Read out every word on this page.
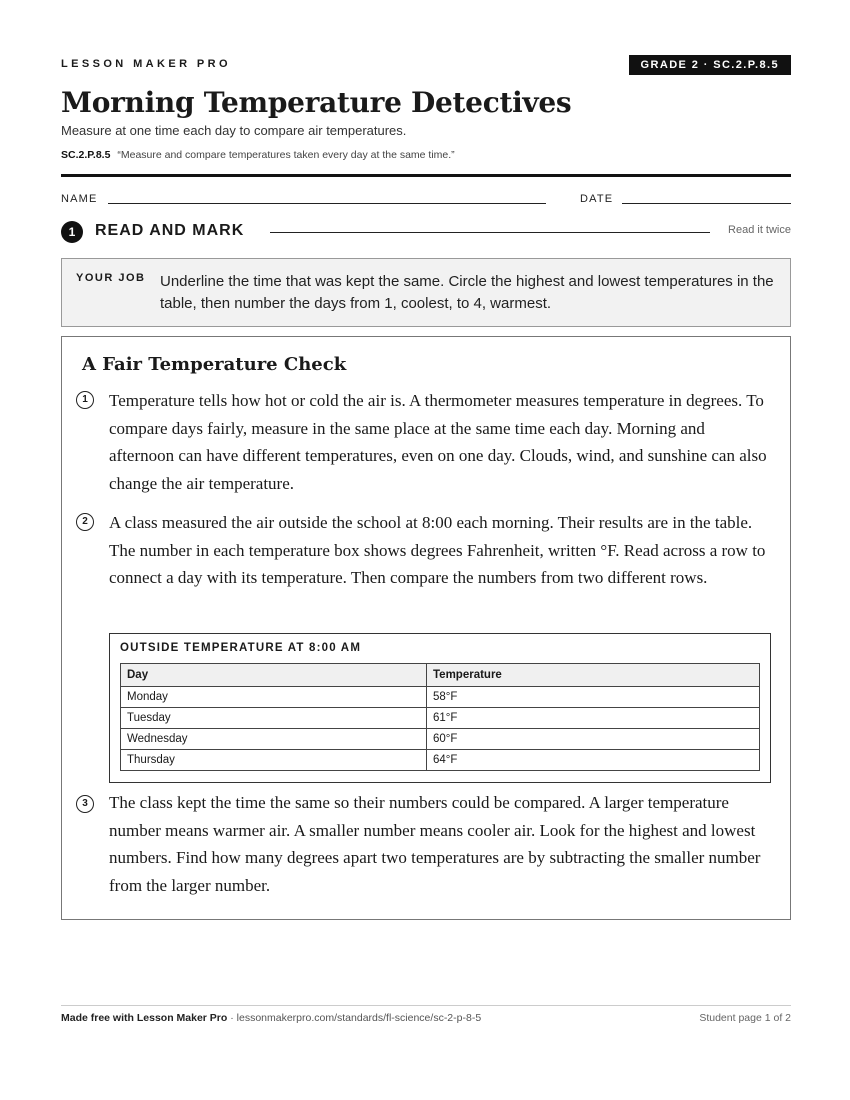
LESSON MAKER PRO	GRADE 2 · SC.2.P.8.5
Morning Temperature Detectives
Measure at one time each day to compare air temperatures.
SC.2.P.8.5 “Measure and compare temperatures taken every day at the same time.”
NAME	DATE
1	READ AND MARK	Read it twice
YOUR JOB Underline the time that was kept the same. Circle the highest and lowest temperatures in the table, then number the days from 1, coolest, to 4, warmest.
A Fair Temperature Check
1	Temperature tells how hot or cold the air is. A thermometer measures temperature in degrees. To compare days fairly, measure in the same place at the same time each day. Morning and afternoon can have different temperatures, even on one day. Clouds, wind, and sunshine can also change the air temperature.

2	A class measured the air outside the school at 8:00 each morning. Their results are in the table. The number in each temperature box shows degrees Fahrenheit, written °F. Read across a row to connect a day with its temperature. Then compare the numbers from two different rows.

OUTSIDE TEMPERATURE AT 8:00 AM
Day	Temperature
Monday	58°F
Tuesday	61°F
Wednesday	60°F
Thursday	64°F
3	The class kept the time the same so their numbers could be compared. A larger temperature number means warmer air. A smaller number means cooler air. Look for the highest and lowest numbers. Find how many degrees apart two temperatures are by subtracting the smaller number from the larger number.

Made free with Lesson Maker Pro · lessonmakerpro.com/standards/fl-science/sc-2-p-8-5	Student page 1 of 2
